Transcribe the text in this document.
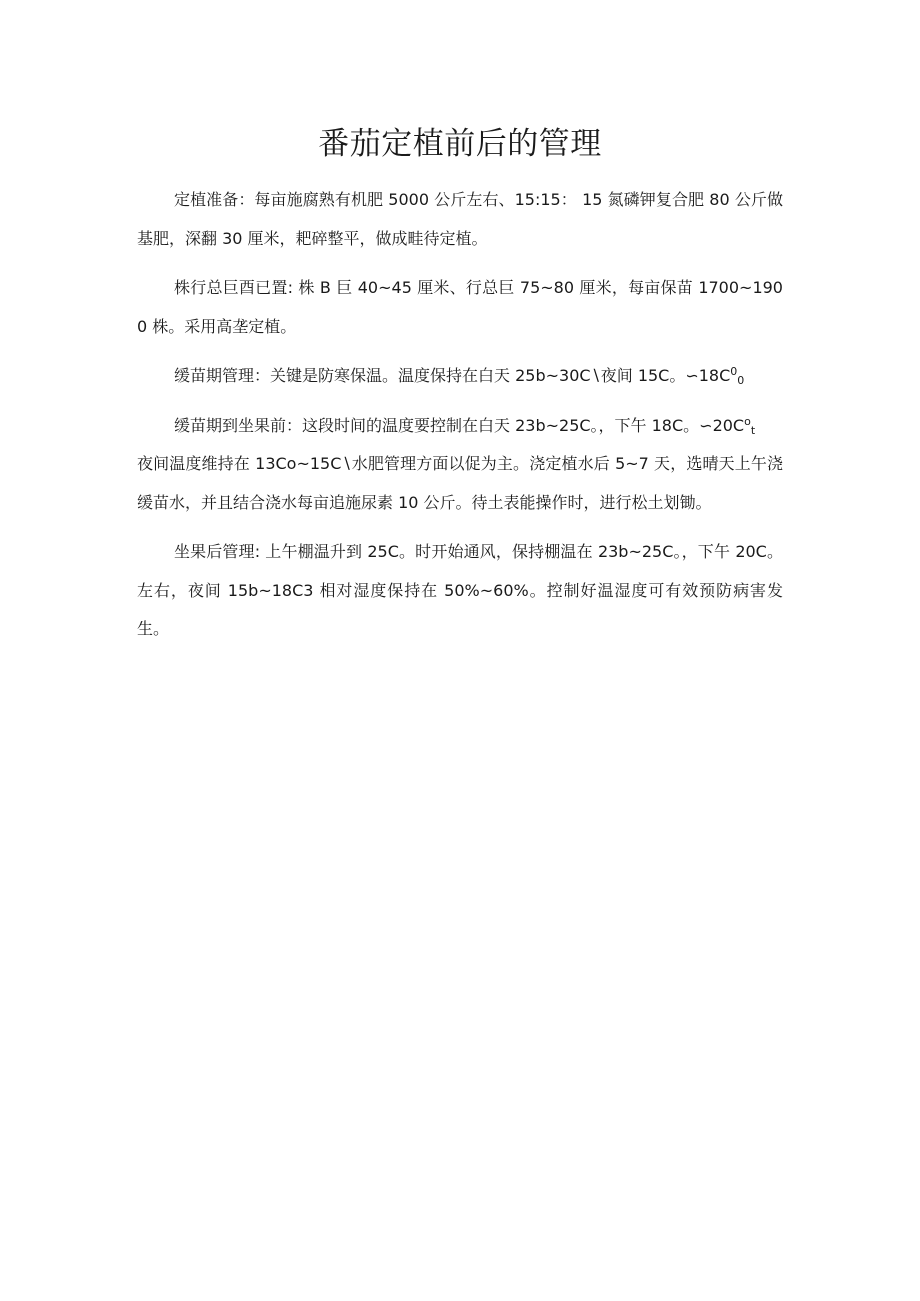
番茄定植前后的管理

定植准备：每亩施腐熟有机肥 5000 公斤左右、15:15： 15 氮磷钾复合肥 80 公斤做基肥，深翻 30 厘米，耙碎整平，做成畦待定植。

株行总巨酉已置: 株 B 巨 40~45 厘米、行总巨 75~80 厘米，每亩保苗 1700~1900 株。采用高垄定植。

缓苗期管理：关键是防寒保温。温度保持在白天 25b~30C∖夜间 15C。$∽18C^0_0$

缓苗期到坐果前：这段时间的温度要控制在白天 23b~25C。，下午 18C。$∽20C^o_t$

夜间温度维持在 13Co~15C∖水肥管理方面以促为主。浇定植水后 5~7 天，选晴天上午浇缓苗水，并且结合浇水每亩追施尿素 10 公斤。待土表能操作时，进行松土划锄。

坐果后管理: 上午棚温升到 25C。时开始通风，保持棚温在 23b~25C。，下午 20C。左右，夜间 15b~18C3 相对湿度保持在 50%~60%。控制好温湿度可有效预防病害发生。
